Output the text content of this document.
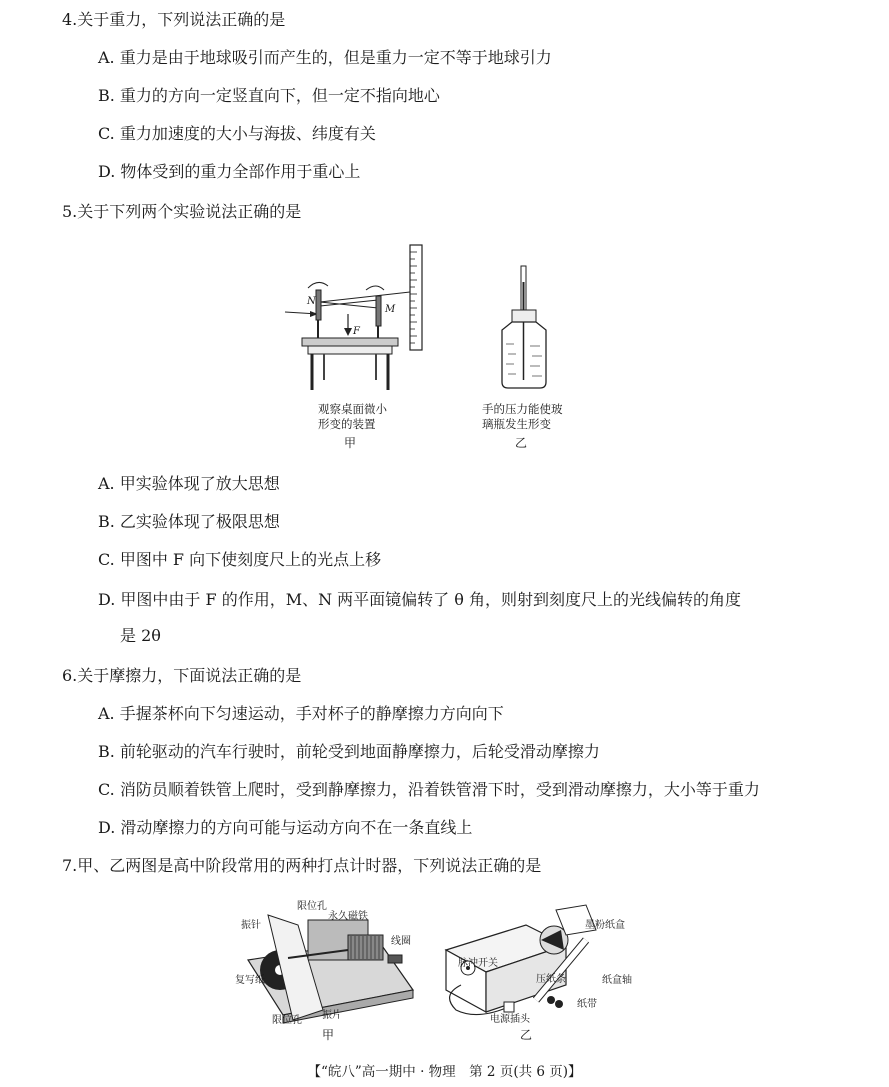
4.关于重力，下列说法正确的是
A. 重力是由于地球吸引而产生的，但是重力一定不等于地球引力
B. 重力的方向一定竖直向下，但一定不指向地心
C. 重力加速度的大小与海拔、纬度有关
D. 物体受到的重力全部作用于重心上
5.关于下列两个实验说法正确的是
N
M
F
观察桌面微小
形变的装置
甲
手的压力能使玻
璃瓶发生形变
乙
A. 甲实验体现了放大思想
B. 乙实验体现了极限思想
C. 甲图中 F 向下使刻度尺上的光点上移
D. 甲图中由于 F 的作用，M、N 两平面镜偏转了 θ 角，则射到刻度尺上的光线偏转的角度
是 2θ
6.关于摩擦力，下面说法正确的是
A. 手握茶杯向下匀速运动，手对杯子的静摩擦力方向向下
B. 前轮驱动的汽车行驶时，前轮受到地面静摩擦力，后轮受滑动摩擦力
C. 消防员顺着铁管上爬时，受到静摩擦力，沿着铁管滑下时，受到滑动摩擦力，大小等于重力
D. 滑动摩擦力的方向可能与运动方向不在一条直线上
7.甲、乙两图是高中阶段常用的两种打点计时器，下列说法正确的是
振针
限位孔
永久磁铁
线圈
复写纸
限位孔 振片
甲
墨粉纸盒
脉冲开关
压纸条	纸盒轴
纸带
电源插头
乙
【“皖八”高一期中 · 物理　第 2 页(共 6 页)】
